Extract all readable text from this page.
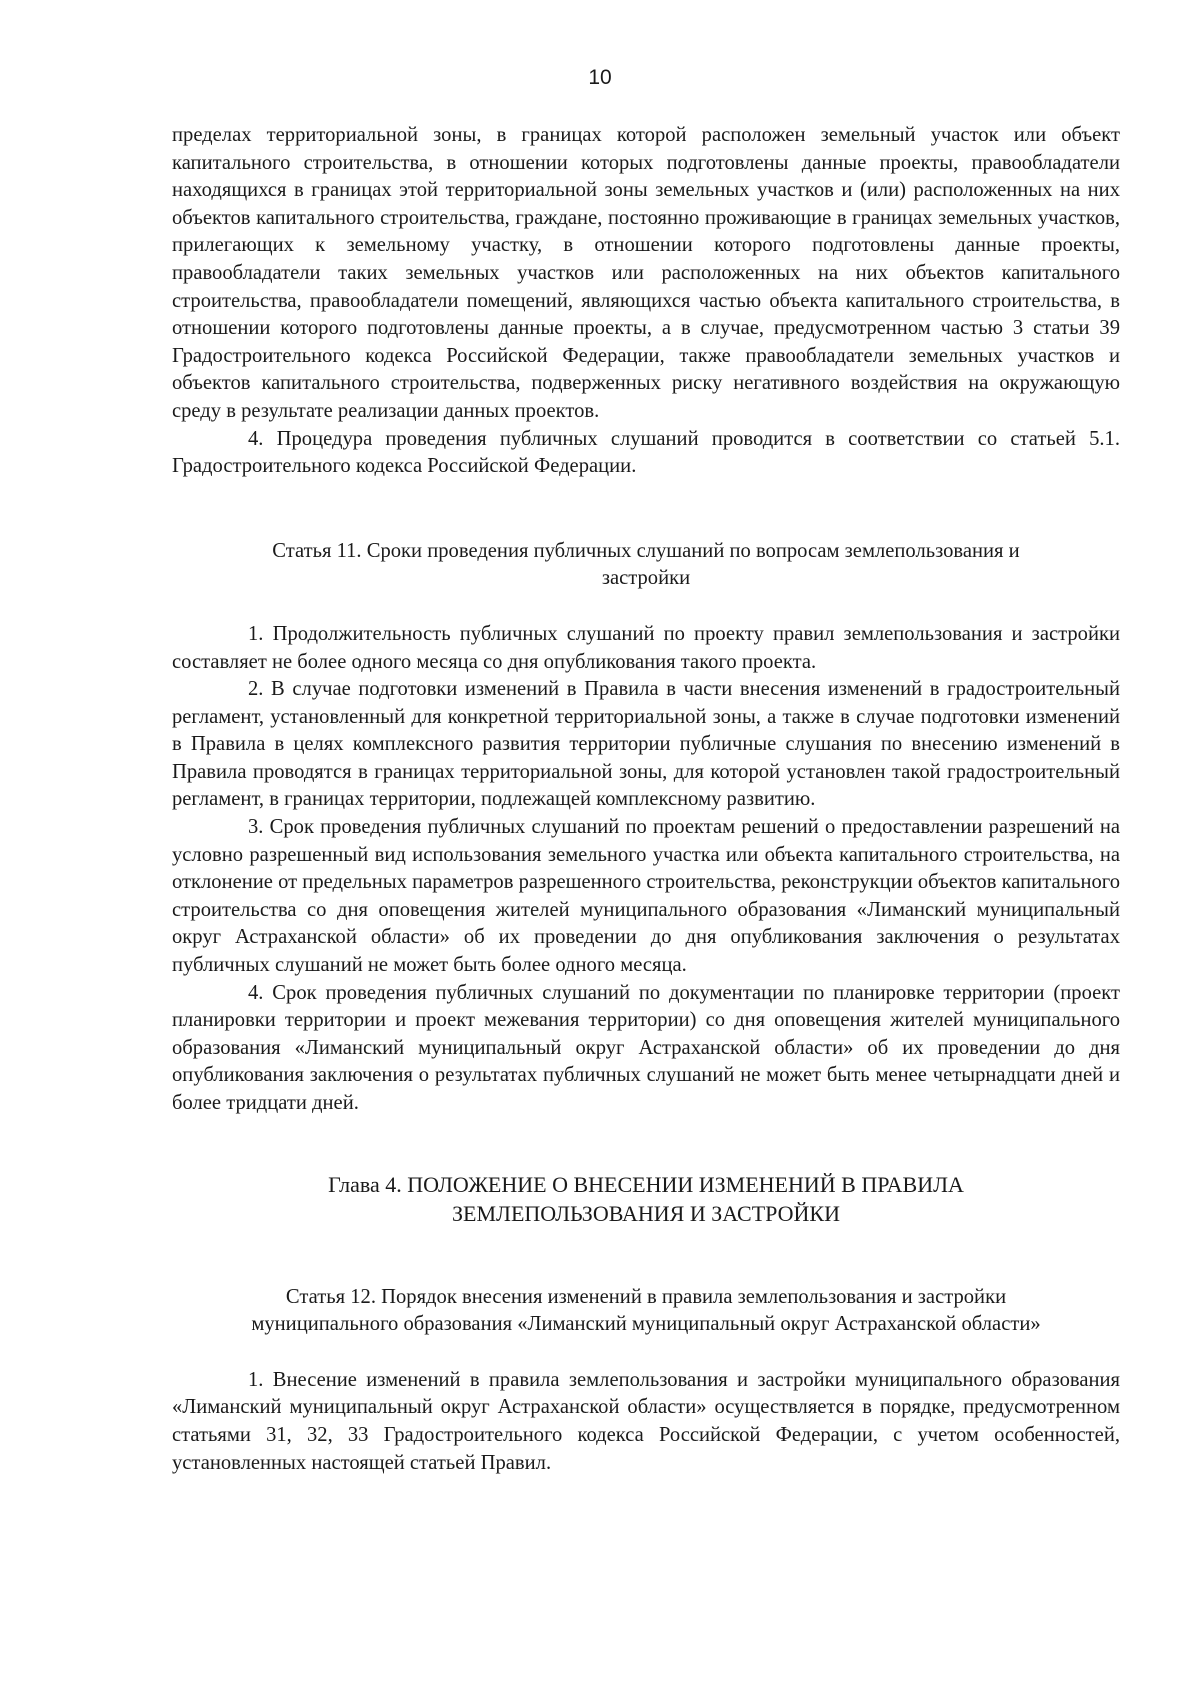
10

пределах территориальной зоны, в границах которой расположен земельный участок или объект капитального строительства, в отношении которых подготовлены данные проекты, правообладатели находящихся в границах этой территориальной зоны земельных участков и (или) расположенных на них объектов капитального строительства, граждане, постоянно проживающие в границах земельных участков, прилегающих к земельному участку, в отношении которого подготовлены данные проекты, правообладатели таких земельных участков или расположенных на них объектов капитального строительства, правообладатели помещений, являющихся частью объекта капитального строительства, в отношении которого подготовлены данные проекты, а в случае, предусмотренном частью 3 статьи 39 Градостроительного кодекса Российской Федерации, также правообладатели земельных участков и объектов капитального строительства, подверженных риску негативного воздействия на окружающую среду в результате реализации данных проектов.

4. Процедура проведения публичных слушаний проводится в соответствии со статьей 5.1. Градостроительного кодекса Российской Федерации.

Статья 11. Сроки проведения публичных слушаний по вопросам землепользования и
застройки

1. Продолжительность публичных слушаний по проекту правил землепользования и застройки составляет не более одного месяца со дня опубликования такого проекта.

2. В случае подготовки изменений в Правила в части внесения изменений в градостроительный регламент, установленный для конкретной территориальной зоны, а также в случае подготовки изменений в Правила в целях комплексного развития территории публичные слушания по внесению изменений в Правила проводятся в границах территориальной зоны, для которой установлен такой градостроительный регламент, в границах территории, подлежащей комплексному развитию.

3. Срок проведения публичных слушаний по проектам решений о предоставлении разрешений на условно разрешенный вид использования земельного участка или объекта капитального строительства, на отклонение от предельных параметров разрешенного строительства, реконструкции объектов капитального строительства со дня оповещения жителей муниципального образования «Лиманский муниципальный округ Астраханской области» об их проведении до дня опубликования заключения о результатах публичных слушаний не может быть более одного месяца.

4. Срок проведения публичных слушаний по документации по планировке территории (проект планировки территории и проект межевания территории) со дня оповещения жителей муниципального образования «Лиманский муниципальный округ Астраханской области» об их проведении до дня опубликования заключения о результатах публичных слушаний не может быть менее четырнадцати дней и более тридцати дней.

Глава 4. ПОЛОЖЕНИЕ О ВНЕСЕНИИ ИЗМЕНЕНИЙ В ПРАВИЛА
ЗЕМЛЕПОЛЬЗОВАНИЯ И ЗАСТРОЙКИ
Статья 12. Порядок внесения изменений в правила землепользования и застройки
муниципального образования «Лиманский муниципальный округ Астраханской области»

1. Внесение изменений в правила землепользования и застройки муниципального образования «Лиманский муниципальный округ Астраханской области» осуществляется в порядке, предусмотренном статьями 31, 32, 33 Градостроительного кодекса Российской Федерации, с учетом особенностей, установленных настоящей статьей Правил.
